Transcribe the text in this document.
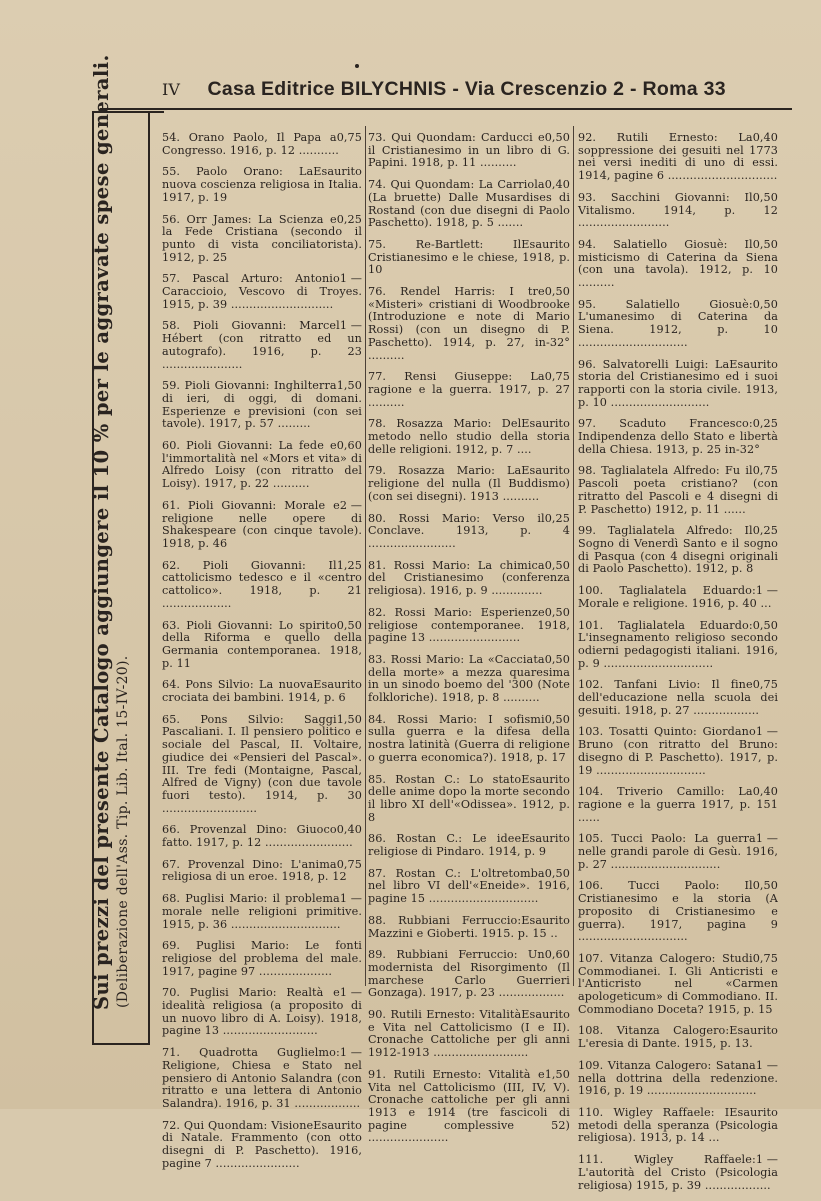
IV Casa Editrice BILYCHNIS - Via Crescenzio 2 - Roma 33
Sui prezzi del presente Catalogo aggiungere il 10 % per le aggravate spese generali. (Deliberazione dell'Ass. Tip. Lib. Ital. 15-IV-20).
0,75
54. Orano Paolo, Il Papa a Congresso. 1916, p. 12 ...........
Esaurito
55. Paolo Orano: La nuova coscienza religiosa in Italia. 1917, p. 19
0,25
56. Orr James: La Scienza e la Fede Cristiana (secondo il punto di vista conciliatorista). 1912, p. 25
1 —
57. Pascal Arturo: Antonio Caraccioio, Vescovo di Troyes. 1915, p. 39 ............................
1 —
58. Pioli Giovanni: Marcel Hébert (con ritratto ed un autografo). 1916, p. 23 ......................
1,50
59. Pioli Giovanni: Inghilterra di ieri, di oggi, di domani. Esperienze e previsioni (con sei tavole). 1917, p. 57 .........
0,60
60. Pioli Giovanni: La fede e l'immortalità nel «Mors et vita» di Alfredo Loisy (con ritratto del Loisy). 1917, p. 22 ..........
2 —
61. Pioli Giovanni: Morale e religione nelle opere di Shakespeare (con cinque tavole). 1918, p. 46
1,25
62. Pioli Giovanni: Il cattolicismo tedesco e il «centro cattolico». 1918, p. 21 ...................
0,50
63. Pioli Giovanni: Lo spirito della Riforma e quello della Germania contemporanea. 1918, p. 11
Esaurito
64. Pons Silvio: La nuova crociata dei bambini. 1914, p. 6
1,50
65. Pons Silvio: Saggi Pascaliani. I. Il pensiero politico e sociale del Pascal, II. Voltaire, giudice dei «Pensieri del Pascal». III. Tre fedi (Montaigne, Pascal, Alfred de Vigny) (con due tavole fuori testo). 1914, p. 30 ..........................
0,40
66. Provenzal Dino: Giuoco fatto. 1917, p. 12 ........................
0,75
67. Provenzal Dino: L'anima religiosa di un eroe. 1918, p. 12
1 —
68. Puglisi Mario: il problema morale nelle religioni primitive. 1915, p. 36 ..............................
69. Puglisi Mario: Le fonti religiose del problema del male. 1917, pagine 97 ....................
1 —
70. Puglisi Mario: Realtà e idealità religiosa (a proposito di un nuovo libro di A. Loisy). 1918, pagine 13 ..........................
1 —
71. Quadrotta Guglielmo: Religione, Chiesa e Stato nel pensiero di Antonio Salandra (con ritratto e una lettera di Antonio Salandra). 1916, p. 31 ..................
Esaurito
72. Qui Quondam: Visione di Natale. Frammento (con otto disegni di P. Paschetto). 1916, pagine 7 .......................
0,50
73. Qui Quondam: Carducci e il Cristianesimo in un libro di G. Papini. 1918, p. 11 ..........
0,40
74. Qui Quondam: La Carriola (La bruette) Dalle Musardises di Rostand (con due disegni di Paolo Paschetto). 1918, p. 5 .......
Esaurito
75. Re-Bartlett: Il Cristianesimo e le chiese, 1918, p. 10
0,50
76. Rendel Harris: I tre «Misteri» cristiani di Woodbrooke (Introduzione e note di Mario Rossi) (con un disegno di P. Paschetto). 1914, p. 27, in-32° ..........
0,75
77. Rensi Giuseppe: La ragione e la guerra. 1917, p. 27 ..........
Esaurito
78. Rosazza Mario: Del metodo nello studio della storia delle religioni. 1912, p. 7 ....
Esaurito
79. Rosazza Mario: La religione del nulla (Il Buddismo) (con sei disegni). 1913 ..........
0,25
80. Rossi Mario: Verso il Conclave. 1913, p. 4 ........................
0,50
81. Rossi Mario: La chimica del Cristianesimo (conferenza religiosa). 1916, p. 9 ..............
0,50
82. Rossi Mario: Esperienze religiose contemporanee. 1918, pagine 13 .........................
0,50
83. Rossi Mario: La «Cacciata della morte» a mezza quaresima in un sinodo boemo del '300 (Note folkloriche). 1918, p. 8 ..........
0,50
84. Rossi Mario: I sofismi sulla guerra e la difesa della nostra latinità (Guerra di religione o guerra economica?). 1918, p. 17
Esaurito
85. Rostan C.: Lo stato delle anime dopo la morte secondo il libro XI dell'«Odissea». 1912, p. 8
Esaurito
86. Rostan C.: Le idee religiose di Pindaro. 1914, p. 9
0,50
87. Rostan C.: L'oltretomba nel libro VI dell'«Eneide». 1916, pagine 15 ..............................
Esaurito
88. Rubbiani Ferruccio: Mazzini e Gioberti. 1915. p. 15 ..
0,60
89. Rubbiani Ferruccio: Un modernista del Risorgimento (Il marchese Carlo Guerrieri Gonzaga). 1917, p. 23 ..................
Esaurito
90. Rutili Ernesto: Vitalità e Vita nel Cattolicismo (I e II). Cronache Cattoliche per gli anni 1912-1913 ..........................
1,50
91. Rutili Ernesto: Vitalità e Vita nel Cattolicismo (III, IV, V). Cronache cattoliche per gli anni 1913 e 1914 (tre fascicoli di pagine complessive 52) ......................
0,40
92. Rutili Ernesto: La soppressione dei gesuiti nel 1773 nei versi inediti di uno di essi. 1914, pagine 6 ..............................
0,50
93. Sacchini Giovanni: Il Vitalismo. 1914, p. 12 .........................
0,50
94. Salatiello Giosuè: Il misticismo di Caterina da Siena (con una tavola). 1912, p. 10 ..........
0,50
95. Salatiello Giosuè: L'umanesimo di Caterina da Siena. 1912, p. 10 ..............................
Esaurito
96. Salvatorelli Luigi: La storia del Cristianesimo ed i suoi rapporti con la storia civile. 1913, p. 10 ...........................
0,25
97. Scaduto Francesco: Indipendenza dello Stato e libertà della Chiesa. 1913, p. 25 in-32°
0,75
98. Taglialatela Alfredo: Fu il Pascoli poeta cristiano? (con ritratto del Pascoli e 4 disegni di P. Paschetto) 1912, p. 11 ......
0,25
99. Taglialatela Alfredo: Il Sogno di Venerdì Santo e il sogno di Pasqua (con 4 disegni originali di Paolo Paschetto). 1912, p. 8
1 —
100. Taglialatela Eduardo: Morale e religione. 1916, p. 40 ...
0,50
101. Taglialatela Eduardo: L'insegnamento religioso secondo odierni pedagogisti italiani. 1916, p. 9 ..............................
0,75
102. Tanfani Livio: Il fine dell'educazione nella scuola dei gesuiti. 1918, p. 27 ..................
1 —
103. Tosatti Quinto: Giordano Bruno (con ritratto del Bruno: disegno di P. Paschetto). 1917, p. 19 ..............................
0,40
104. Triverio Camillo: La ragione e la guerra 1917, p. 151 ......
1 —
105. Tucci Paolo: La guerra nelle grandi parole di Gesù. 1916, p. 27 ..............................
0,50
106. Tucci Paolo: Il Cristianesimo e la storia (A proposito di Cristianesimo e guerra). 1917, pagina 9 ..............................
0,75
107. Vitanza Calogero: Studi Commodianei. I. Gli Anticristi e l'Anticristo nel «Carmen apologeticum» di Commodiano. II. Commodiano Doceta? 1915, p. 15
Esaurito
108. Vitanza Calogero: L'eresia di Dante. 1915, p. 13.
1 —
109. Vitanza Calogero: Satana nella dottrina della redenzione. 1916, p. 19 ..............................
Esaurito
110. Wigley Raffaele: I metodi della speranza (Psicologia religiosa). 1913, p. 14 ...
1 —
111. Wigley Raffaele: L'autorità del Cristo (Psicologia religiosa) 1915, p. 39 ..................
